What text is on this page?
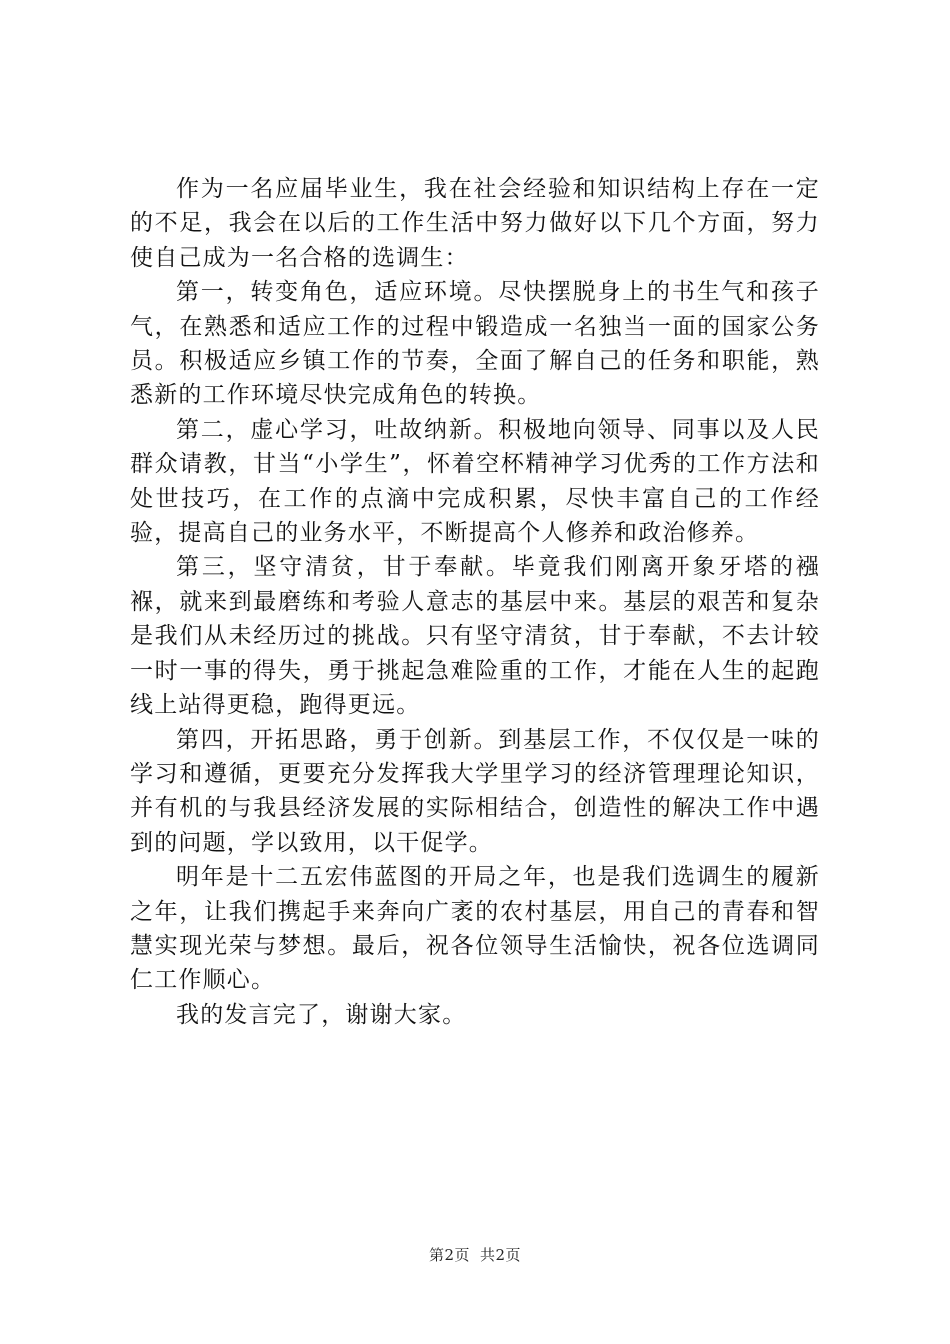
作为一名应届毕业生，我在社会经验和知识结构上存在一定的不足，我会在以后的工作生活中努力做好以下几个方面，努力使自己成为一名合格的选调生：

第一，转变角色，适应环境。尽快摆脱身上的书生气和孩子气，在熟悉和适应工作的过程中锻造成一名独当一面的国家公务员。积极适应乡镇工作的节奏，全面了解自己的任务和职能，熟悉新的工作环境尽快完成角色的转换。

第二，虚心学习，吐故纳新。积极地向领导、同事以及人民群众请教，甘当“小学生”，怀着空杯精神学习优秀的工作方法和处世技巧，在工作的点滴中完成积累，尽快丰富自己的工作经验，提高自己的业务水平，不断提高个人修养和政治修养。

第三，坚守清贫，甘于奉献。毕竟我们刚离开象牙塔的襁褓，就来到最磨练和考验人意志的基层中来。基层的艰苦和复杂是我们从未经历过的挑战。只有坚守清贫，甘于奉献，不去计较一时一事的得失，勇于挑起急难险重的工作，才能在人生的起跑线上站得更稳，跑得更远。

第四，开拓思路，勇于创新。到基层工作，不仅仅是一味的学习和遵循，更要充分发挥我大学里学习的经济管理理论知识，并有机的与我县经济发展的实际相结合，创造性的解决工作中遇到的问题，学以致用，以干促学。

明年是十二五宏伟蓝图的开局之年，也是我们选调生的履新之年，让我们携起手来奔向广袤的农村基层，用自己的青春和智慧实现光荣与梦想。最后，祝各位领导生活愉快，祝各位选调同仁工作顺心。

我的发言完了，谢谢大家。

第2页 共2页
